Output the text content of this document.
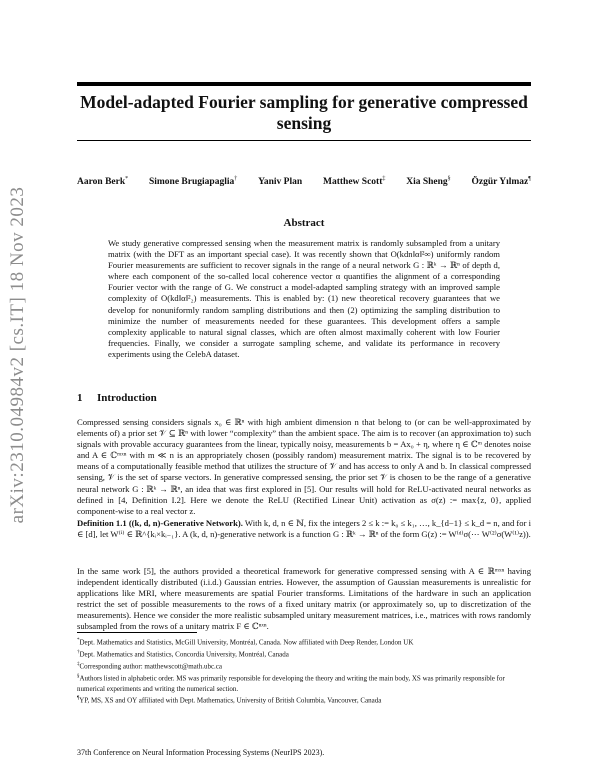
arXiv:2310.04984v2 [cs.IT] 18 Nov 2023
Model-adapted Fourier sampling for generative compressed sensing
Aaron Berk* Simone Brugiapaglia† Yaniv Plan Matthew Scott‡ Xia Sheng§ Özgür Yılmaz¶
Abstract
We study generative compressed sensing when the measurement matrix is randomly subsampled from a unitary matrix (with the DFT as an important special case). It was recently shown that O(kdn‖α‖²∞) uniformly random Fourier measurements are sufficient to recover signals in the range of a neural network G : ℝᵏ → ℝⁿ of depth d, where each component of the so-called local coherence vector α quantifies the alignment of a corresponding Fourier vector with the range of G. We construct a model-adapted sampling strategy with an improved sample complexity of O(kd‖α‖²₂) measurements. This is enabled by: (1) new theoretical recovery guarantees that we develop for nonuniformly random sampling distributions and then (2) optimizing the sampling distribution to minimize the number of measurements needed for these guarantees. This development offers a sample complexity applicable to natural signal classes, which are often almost maximally coherent with low Fourier frequencies. Finally, we consider a surrogate sampling scheme, and validate its performance in recovery experiments using the CelebA dataset.
1 Introduction
Compressed sensing considers signals x₀ ∈ ℝⁿ with high ambient dimension n that belong to (or can be well-approximated by elements of) a prior set 𝒱 ⊆ ℝⁿ with lower “complexity” than the ambient space. The aim is to recover (an approximation to) such signals with provable accuracy guarantees from the linear, typically noisy, measurements b = Ax₀ + η, where η ∈ ℂᵐ denotes noise and A ∈ ℂᵐˣⁿ with m ≪ n is an appropriately chosen (possibly random) measurement matrix. The signal is to be recovered by means of a computationally feasible method that utilizes the structure of 𝒱 and has access to only A and b. In classical compressed sensing, 𝒱 is the set of sparse vectors. In generative compressed sensing, the prior set 𝒱 is chosen to be the range of a generative neural network G : ℝᵏ → ℝⁿ, an idea that was first explored in [5]. Our results will hold for ReLU-activated neural networks as defined in [4, Definition I.2]. Here we denote the ReLU (Rectified Linear Unit) activation as σ(z) := max{z, 0}, applied component-wise to a real vector z.
Definition 1.1 ((k, d, n)-Generative Network). With k, d, n ∈ ℕ, fix the integers 2 ≤ k := k₀ ≤ k₁, …, k_{d−1} ≤ k_d = n, and for i ∈ [d], let W⁽ⁱ⁾ ∈ ℝ^{kᵢ×kᵢ₋₁}. A (k, d, n)-generative network is a function G : ℝᵏ → ℝⁿ of the form G(z) := W⁽ᵈ⁾σ(⋯ W⁽²⁾σ(W⁽¹⁾z)).
In the same work [5], the authors provided a theoretical framework for generative compressed sensing with A ∈ ℝᵐˣⁿ having independent identically distributed (i.i.d.) Gaussian entries. However, the assumption of Gaussian measurements is unrealistic for applications like MRI, where measurements are spatial Fourier transforms. Limitations of the hardware in such an application restrict the set of possible measurements to the rows of a fixed unitary matrix (or approximately so, up to discretization of the measurements). Hence we consider the more realistic subsampled unitary measurement matrices, i.e., matrices with rows randomly subsampled from the rows of a unitary matrix F ∈ ℂⁿˣⁿ.
*Dept. Mathematics and Statistics, McGill University, Montréal, Canada. Now affiliated with Deep Render, London UK
†Dept. Mathematics and Statistics, Concordia University, Montréal, Canada
‡Corresponding author: matthewscott@math.ubc.ca
§Authors listed in alphabetic order. MS was primarily responsible for developing the theory and writing the main body, XS was primarily responsible for numerical experiments and writing the numerical section.
¶YP, MS, XS and OY affiliated with Dept. Mathematics, University of British Columbia, Vancouver, Canada
37th Conference on Neural Information Processing Systems (NeurIPS 2023).
